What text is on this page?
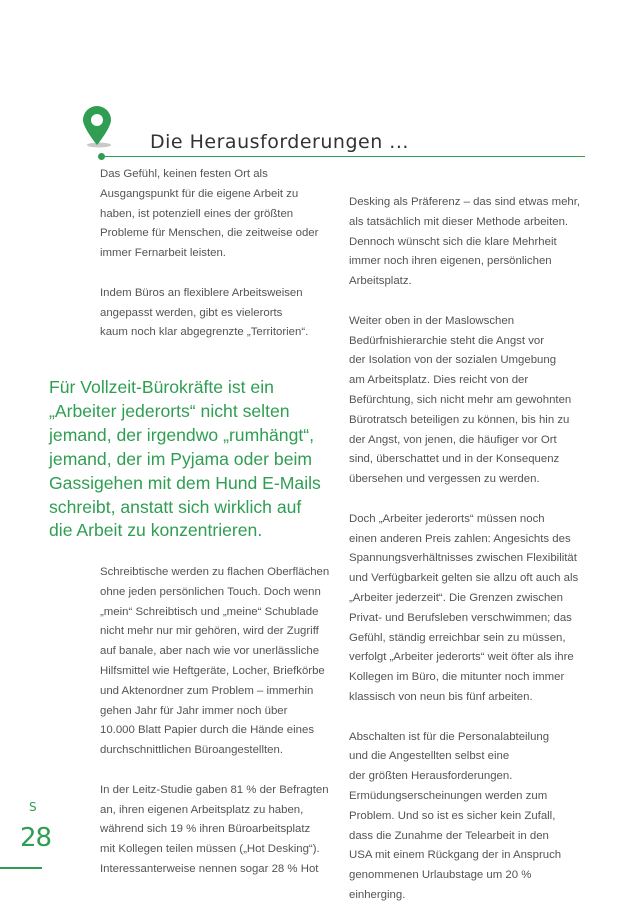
Die Herausforderungen ...

Das Gefühl, keinen festen Ort als
Ausgangspunkt für die eigene Arbeit zu
haben, ist potenziell eines der größten
Probleme für Menschen, die zeitweise oder
immer Fernarbeit leisten.

Indem Büros an flexiblere Arbeitsweisen
angepasst werden, gibt es vielerorts
kaum noch klar abgegrenzte „Territorien“.

Für Vollzeit-Bürokräfte ist ein
„Arbeiter jederorts“ nicht selten
jemand, der irgendwo „rumhängt“,
jemand, der im Pyjama oder beim
Gassigehen mit dem Hund E-Mails
schreibt, anstatt sich wirklich auf
die Arbeit zu konzentrieren.

Schreibtische werden zu flachen Oberflächen
ohne jeden persönlichen Touch. Doch wenn
„mein“ Schreibtisch und „meine“ Schublade
nicht mehr nur mir gehören, wird der Zugriff
auf banale, aber nach wie vor unerlässliche
Hilfsmittel wie Heftgeräte, Locher, Briefkörbe
und Aktenordner zum Problem – immerhin
gehen Jahr für Jahr immer noch über
10.000 Blatt Papier durch die Hände eines
durchschnittlichen Büroangestellten.

In der Leitz-Studie gaben 81 % der Befragten
an, ihren eigenen Arbeitsplatz zu haben,
während sich 19 % ihren Büroarbeitsplatz
mit Kollegen teilen müssen („Hot Desking“).
Interessanterweise nennen sogar 28 % Hot

Desking als Präferenz – das sind etwas mehr,
als tatsächlich mit dieser Methode arbeiten.
Dennoch wünscht sich die klare Mehrheit
immer noch ihren eigenen, persönlichen
Arbeitsplatz.

Weiter oben in der Maslowschen
Bedürfnishierarchie steht die Angst vor
der Isolation von der sozialen Umgebung
am Arbeitsplatz. Dies reicht von der
Befürchtung, sich nicht mehr am gewohnten
Bürotratsch beteiligen zu können, bis hin zu
der Angst, von jenen, die häufiger vor Ort
sind, überschattet und in der Konsequenz
übersehen und vergessen zu werden.

Doch „Arbeiter jederorts“ müssen noch
einen anderen Preis zahlen: Angesichts des
Spannungsverhältnisses zwischen Flexibilität
und Verfügbarkeit gelten sie allzu oft auch als
„Arbeiter jederzeit“. Die Grenzen zwischen
Privat- und Berufsleben verschwimmen; das
Gefühl, ständig erreichbar sein zu müssen,
verfolgt „Arbeiter jederorts“ weit öfter als ihre
Kollegen im Büro, die mitunter noch immer
klassisch von neun bis fünf arbeiten.

Abschalten ist für die Personalabteilung
und die Angestellten selbst eine
der größten Herausforderungen.
Ermüdungserscheinungen werden zum
Problem. Und so ist es sicher kein Zufall,
dass die Zunahme der Telearbeit in den
USA mit einem Rückgang der in Anspruch
genommenen Urlaubstage um 20 %
einherging.

S
28
